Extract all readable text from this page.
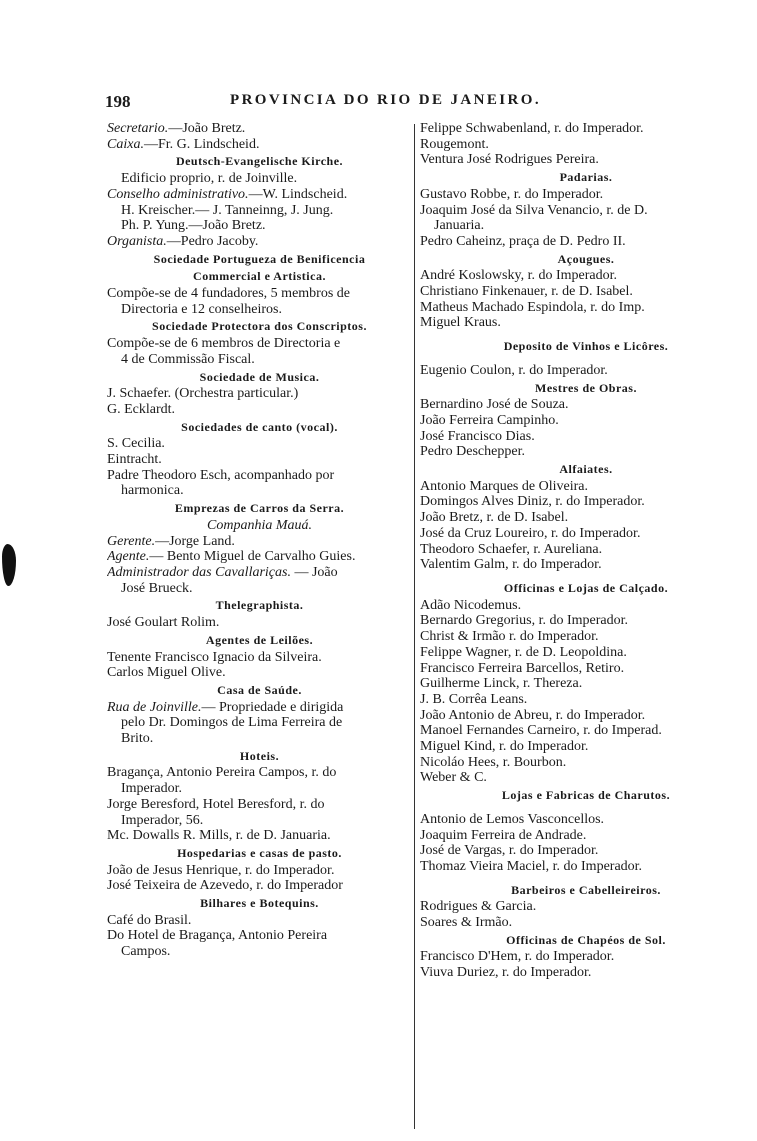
198	PROVINCIA DO RIO DE JANEIRO.
Secretario.—João Bretz.
Caixa.—Fr. G. Lindscheid.
Deutsch-Evangelische Kirche.
Edificio proprio, r. de Joinville.
Conselho administrativo.—W. Lindscheid.
H. Kreischer.— J. Tanneinng, J. Jung.
Ph. P. Yung.—João Bretz.
Organista.—Pedro Jacoby.
Sociedade Portugueza de Benificencia
Commercial e Artistica.
Compõe-se de 4 fundadores, 5 membros de
Directoria e 12 conselheiros.
Sociedade Protectora dos Conscriptos.
Compõe-se de 6 membros de Directoria e
4 de Commissão Fiscal.
Sociedade de Musica.
J. Schaefer. (Orchestra particular.)
G. Ecklardt.
Sociedades de canto (vocal).
S. Cecilia.
Eintracht.
Padre Theodoro Esch, acompanhado por
harmonica.
Emprezas de Carros da Serra.
Companhia Mauá.
Gerente.—Jorge Land.
Agente.— Bento Miguel de Carvalho Guies.
Administrador das Cavallariças. — João
José Brueck.
Thelegraphista.
José Goulart Rolim.
Agentes de Leilões.
Tenente Francisco Ignacio da Silveira.
Carlos Miguel Olive.
Casa de Saúde.
Rua de Joinville.— Propriedade e dirigida
pelo Dr. Domingos de Lima Ferreira de
Brito.
Hoteis.
Bragança, Antonio Pereira Campos, r. do
Imperador.
Jorge Beresford, Hotel Beresford, r. do
Imperador, 56.
Mc. Dowalls R. Mills, r. de D. Januaria.
Hospedarias e casas de pasto.
João de Jesus Henrique, r. do Imperador.
José Teixeira de Azevedo, r. do Imperador
Bilhares e Botequins.
Café do Brasil.
Do Hotel de Bragança, Antonio Pereira
Campos.
Felippe Schwabenland, r. do Imperador.
Rougemont.
Ventura José Rodrigues Pereira.
Padarias.
Gustavo Robbe, r. do Imperador.
Joaquim José da Silva Venancio, r. de D.
Januaria.
Pedro Caheinz, praça de D. Pedro II.
Açougues.
André Koslowsky, r. do Imperador.
Christiano Finkenauer, r. de D. Isabel.
Matheus Machado Espindola, r. do Imp.
Miguel Kraus.
Deposito de Vinhos e Licôres.
Eugenio Coulon, r. do Imperador.
Mestres de Obras.
Bernardino José de Souza.
João Ferreira Campinho.
José Francisco Dias.
Pedro Deschepper.
Alfaiates.
Antonio Marques de Oliveira.
Domingos Alves Diniz, r. do Imperador.
João Bretz, r. de D. Isabel.
José da Cruz Loureiro, r. do Imperador.
Theodoro Schaefer, r. Aureliana.
Valentim Galm, r. do Imperador.
Officinas e Lojas de Calçado.
Adão Nicodemus.
Bernardo Gregorius, r. do Imperador.
Christ & Irmão r. do Imperador.
Felippe Wagner, r. de D. Leopoldina.
Francisco Ferreira Barcellos, Retiro.
Guilherme Linck, r. Thereza.
J. B. Corrêa Leans.
João Antonio de Abreu, r. do Imperador.
Manoel Fernandes Carneiro, r. do Imperad.
Miguel Kind, r. do Imperador.
Nicoláo Hees, r. Bourbon.
Weber & C.
Lojas e Fabricas de Charutos.
Antonio de Lemos Vasconcellos.
Joaquim Ferreira de Andrade.
José de Vargas, r. do Imperador.
Thomaz Vieira Maciel, r. do Imperador.
Barbeiros e Cabelleireiros.
Rodrigues & Garcia.
Soares & Irmão.
Officinas de Chapéos de Sol.
Francisco D'Hem, r. do Imperador.
Viuva Duriez, r. do Imperador.
